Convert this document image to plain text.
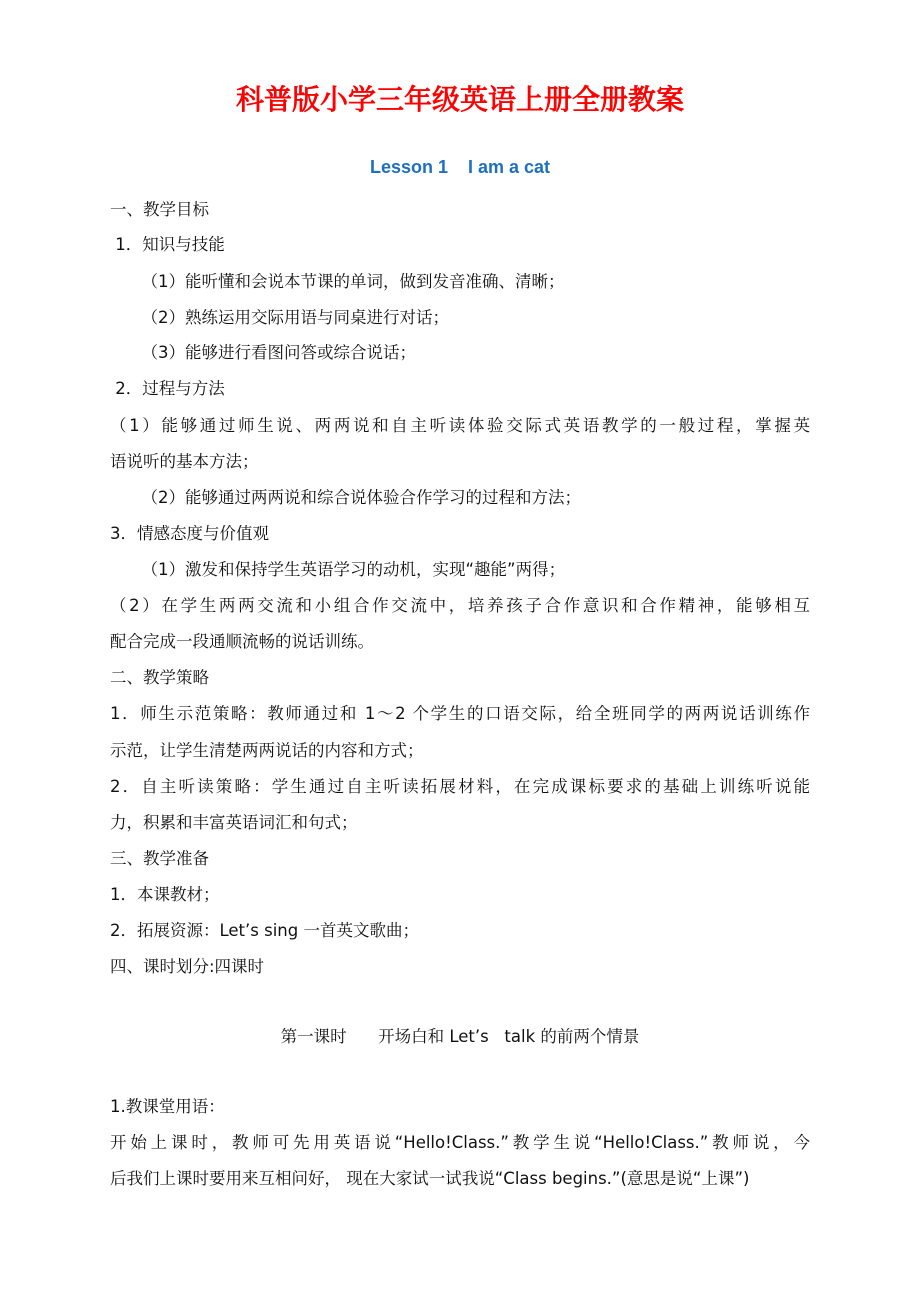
科普版小学三年级英语上册全册教案
Lesson 1    I am a cat
一、教学目标
1．知识与技能
（1）能听懂和会说本节课的单词，做到发音准确、清晰；
（2）熟练运用交际用语与同桌进行对话；
（3）能够进行看图问答或综合说话；
2．过程与方法
（1）能够通过师生说、两两说和自主听读体验交际式英语教学的一般过程，掌握英
语说听的基本方法；
（2）能够通过两两说和综合说体验合作学习的过程和方法；
3．情感态度与价值观
（1）激发和保持学生英语学习的动机，实现“趣能”两得；
（2）在学生两两交流和小组合作交流中，培养孩子合作意识和合作精神，能够相互
配合完成一段通顺流畅的说话训练。
二、教学策略
1．师生示范策略：教师通过和 1～2 个学生的口语交际，给全班同学的两两说话训练作
示范，让学生清楚两两说话的内容和方式；
2．自主听读策略：学生通过自主听读拓展材料，在完成课标要求的基础上训练听说能
力，积累和丰富英语词汇和句式；
三、教学准备
1．本课教材；
2．拓展资源：Let’s sing 一首英文歌曲；
四、课时划分:四课时
第一课时      开场白和 Let’s   talk 的前两个情景
1.教课堂用语：
开始上课时，教师可先用英语说“Hello!Class.”教学生说“Hello!Class.”教师说，今
后我们上课时要用来互相问好， 现在大家试一试我说“Class begins.”(意思是说“上课”)
